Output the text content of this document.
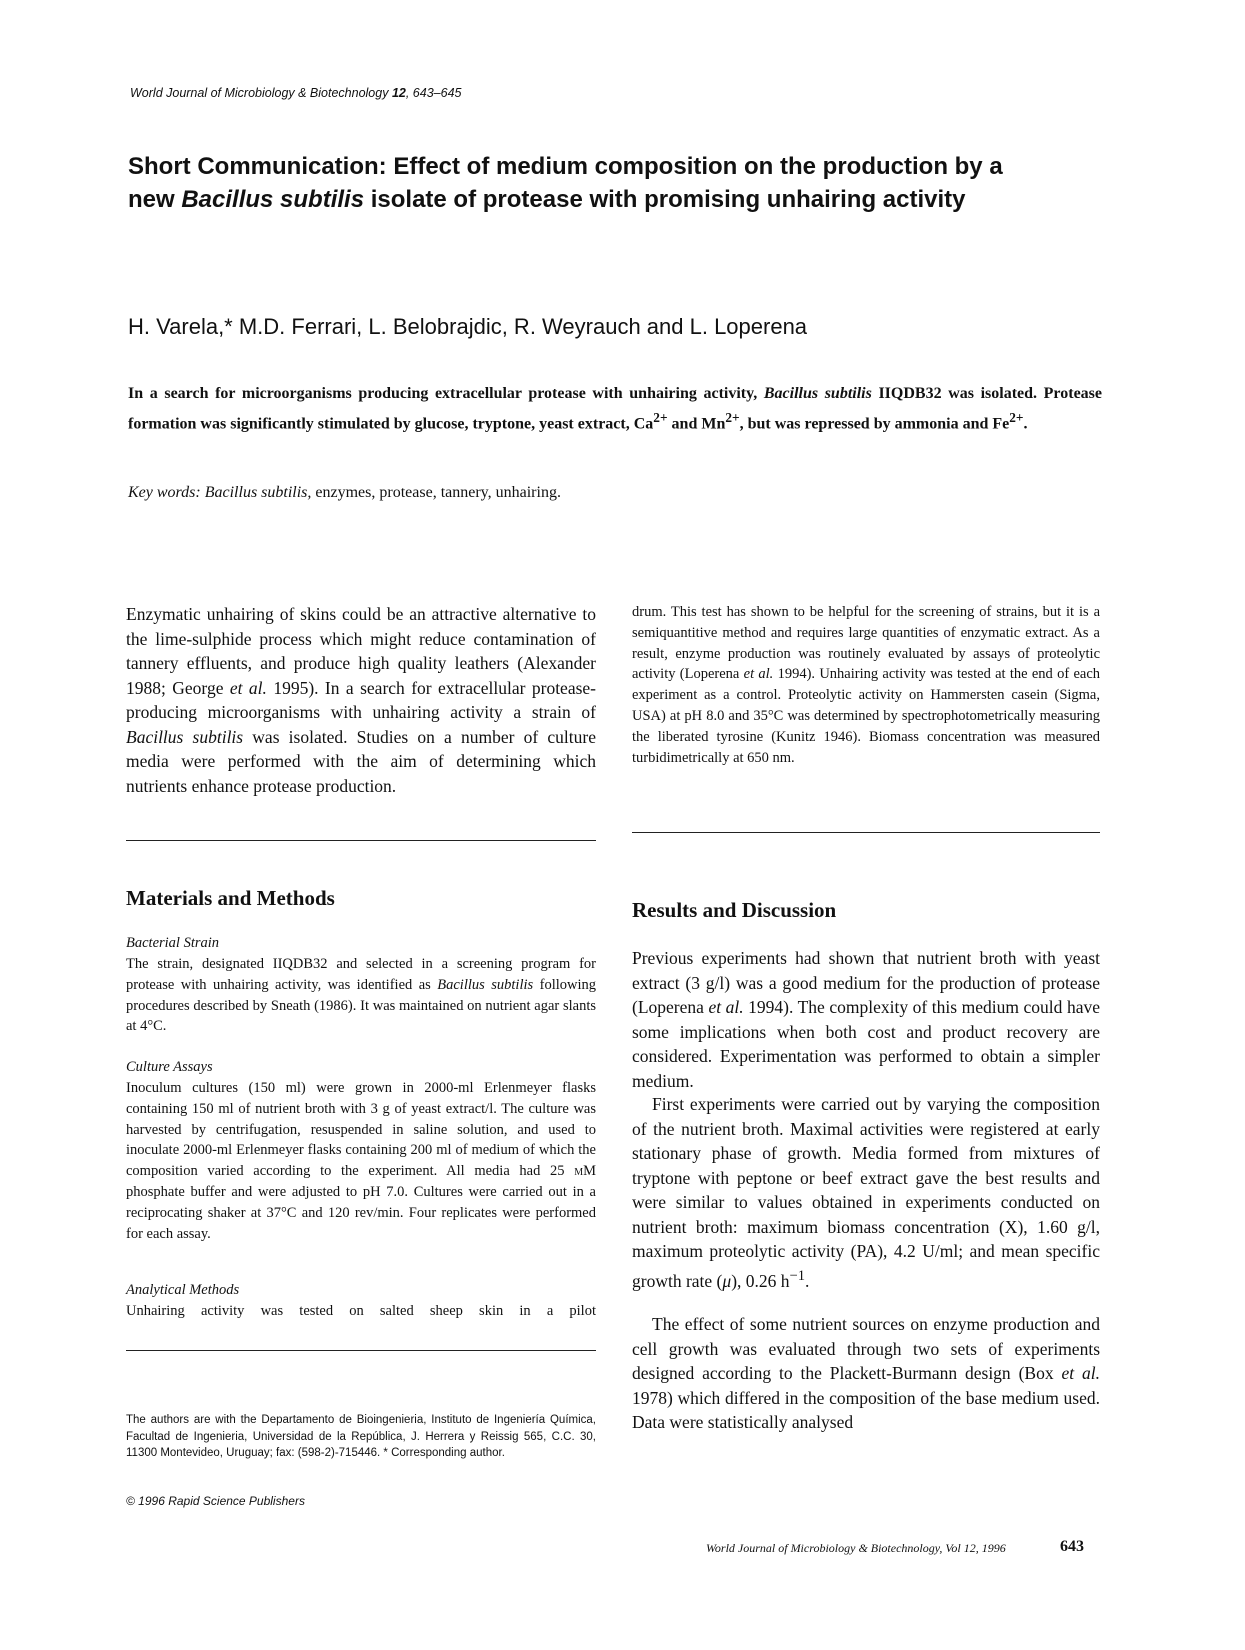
World Journal of Microbiology & Biotechnology 12, 643–645
Short Communication: Effect of medium composition on the production by a
new Bacillus subtilis isolate of protease with promising unhairing activity
H. Varela,* M.D. Ferrari, L. Belobrajdic, R. Weyrauch and L. Loperena
In a search for microorganisms producing extracellular protease with unhairing activity, Bacillus subtilis IIQDB32 was isolated. Protease formation was significantly stimulated by glucose, tryptone, yeast extract, $Ca^{2+}$ and $Mn^{2+}$, but was repressed by ammonia and $Fe^{2+}$.
Key words: Bacillus subtilis, enzymes, protease, tannery, unhairing.
Enzymatic unhairing of skins could be an attractive alternative to the lime-sulphide process which might reduce contamination of tannery effluents, and produce high quality leathers (Alexander 1988; George et al. 1995). In a search for extracellular protease-producing microorganisms with unhairing activity a strain of Bacillus subtilis was isolated. Studies on a number of culture media were performed with the aim of determining which nutrients enhance protease production.
drum. This test has shown to be helpful for the screening of strains, but it is a semiquantitive method and requires large quantities of enzymatic extract. As a result, enzyme production was routinely evaluated by assays of proteolytic activity (Loperena et al. 1994). Unhairing activity was tested at the end of each experiment as a control. Proteolytic activity on Hammersten casein (Sigma, USA) at pH 8.0 and 35°C was determined by spectrophotometrically measuring the liberated tyrosine (Kunitz 1946). Biomass concentration was measured turbidimetrically at 650 nm.
Materials and Methods
Bacterial Strain
The strain, designated IIQDB32 and selected in a screening program for protease with unhairing activity, was identified as Bacillus subtilis following procedures described by Sneath (1986). It was maintained on nutrient agar slants at 4°C.
Culture Assays
Inoculum cultures (150 ml) were grown in 2000-ml Erlenmeyer flasks containing 150 ml of nutrient broth with 3 g of yeast extract/l. The culture was harvested by centrifugation, resuspended in saline solution, and used to inoculate 2000-ml Erlenmeyer flasks containing 200 ml of medium of which the composition varied according to the experiment. All media had 25 mM phosphate buffer and were adjusted to pH 7.0. Cultures were carried out in a reciprocating shaker at 37°C and 120 rev/min. Four replicates were performed for each assay.
Analytical Methods
Unhairing activity was tested on salted sheep skin in a pilot
Results and Discussion
Previous experiments had shown that nutrient broth with yeast extract (3 g/l) was a good medium for the production of protease (Loperena et al. 1994). The complexity of this medium could have some implications when both cost and product recovery are considered. Experimentation was performed to obtain a simpler medium.
First experiments were carried out by varying the composition of the nutrient broth. Maximal activities were registered at early stationary phase of growth. Media formed from mixtures of tryptone with peptone or beef extract gave the best results and were similar to values obtained in experiments conducted on nutrient broth: maximum biomass concentration (X), 1.60 g/l, maximum proteolytic activity (PA), 4.2 U/ml; and mean specific growth rate (μ), 0.26 $h^{-1}$.
The effect of some nutrient sources on enzyme production and cell growth was evaluated through two sets of experiments designed according to the Plackett-Burmann design (Box et al. 1978) which differed in the composition of the base medium used. Data were statistically analysed
The authors are with the Departamento de Bioingenieria, Instituto de Ingeniería Química, Facultad de Ingenieria, Universidad de la República, J. Herrera y Reissig 565, C.C. 30, 11300 Montevideo, Uruguay; fax: (598-2)-715446. * Corresponding author.
© 1996 Rapid Science Publishers
World Journal of Microbiology & Biotechnology, Vol 12, 1996	643
